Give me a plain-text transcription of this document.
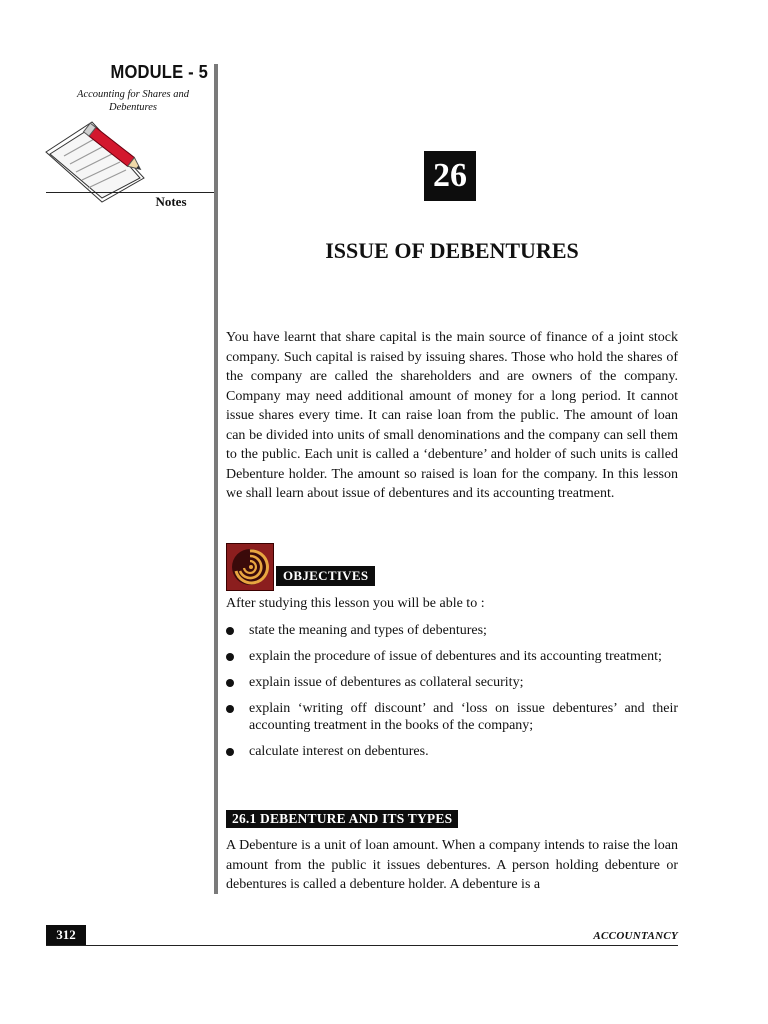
MODULE - 5
Accounting for Shares and Debentures
Notes
26
ISSUE OF DEBENTURES

You have learnt that share capital is the main source of finance of a joint stock company. Such capital is raised by issuing shares. Those who hold the shares of the company are called the shareholders and are owners of the company. Company may need additional amount of money for a long period. It cannot issue shares every time. It can raise loan from the public. The amount of loan can be divided into units of small denominations and the company can sell them to the public. Each unit is called a ‘debenture’ and holder of such units is called Debenture holder. The amount so raised is loan for the company. In this lesson we shall learn about issue of debentures and its accounting treatment.

OBJECTIVES
After studying this lesson you will be able to :
state the meaning and types of debentures;
explain the procedure of issue of debentures and its accounting treatment;
explain issue of debentures as collateral security;
explain ‘writing off discount’ and ‘loss on issue debentures’ and their accounting treatment in the books of the company;
calculate interest on debentures.
26.1 DEBENTURE AND ITS TYPES

A Debenture is a unit of loan amount. When a company intends to raise the loan amount from the public it issues debentures. A person holding debenture or debentures is called a debenture holder. A debenture is a

312	ACCOUNTANCY
